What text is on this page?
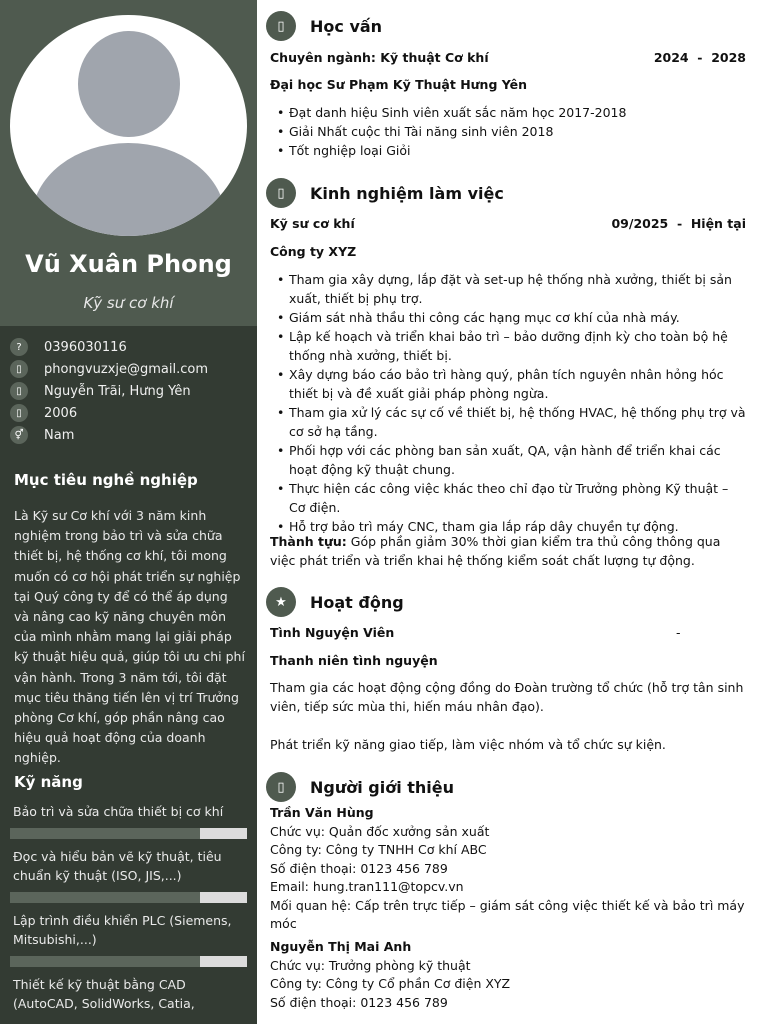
Vũ Xuân Phong
Kỹ sư cơ khí
?	0396030116
▯	phongvuzxje@gmail.com
▯	Nguyễn Trãi, Hưng Yên
▯	2006
⚥	Nam
Mục tiêu nghề nghiệp
Là Kỹ sư Cơ khí với 3 năm kinh nghiệm trong bảo trì và sửa chữa thiết bị, hệ thống cơ khí, tôi mong muốn có cơ hội phát triển sự nghiệp tại Quý công ty để có thể áp dụng và nâng cao kỹ năng chuyên môn của mình nhằm mang lại giải pháp kỹ thuật hiệu quả, giúp tôi ưu chi phí vận hành. Trong 3 năm tới, tôi đặt mục tiêu thăng tiến lên vị trí Trưởng phòng Cơ khí, góp phần nâng cao hiệu quả hoạt động của doanh nghiệp.
Kỹ năng
Bảo trì và sửa chữa thiết bị cơ khí
Đọc và hiểu bản vẽ kỹ thuật, tiêu chuẩn kỹ thuật (ISO, JIS,...)
Lập trình điều khiển PLC (Siemens, Mitsubishi,...)
Thiết kế kỹ thuật bằng CAD (AutoCAD, SolidWorks, Catia,
▯	Học vấn
Chuyên ngành: Kỹ thuật Cơ khí	2024  -  2028
Đại học Sư Phạm Kỹ Thuật Hưng Yên
• Đạt danh hiệu Sinh viên xuất sắc năm học 2017-2018
• Giải Nhất cuộc thi Tài năng sinh viên 2018
• Tốt nghiệp loại Giỏi
▯	Kinh nghiệm làm việc
Kỹ sư cơ khí	09/2025  -  Hiện tại
Công ty XYZ
• Tham gia xây dựng, lắp đặt và set-up hệ thống nhà xưởng, thiết bị sản xuất, thiết bị phụ trợ.
• Giám sát nhà thầu thi công các hạng mục cơ khí của nhà máy.
• Lập kế hoạch và triển khai bảo trì – bảo dưỡng định kỳ cho toàn bộ hệ thống nhà xưởng, thiết bị.
• Xây dựng báo cáo bảo trì hàng quý, phân tích nguyên nhân hỏng hóc thiết bị và đề xuất giải pháp phòng ngừa.
• Tham gia xử lý các sự cố về thiết bị, hệ thống HVAC, hệ thống phụ trợ và cơ sở hạ tầng.
• Phối hợp với các phòng ban sản xuất, QA, vận hành để triển khai các hoạt động kỹ thuật chung.
• Thực hiện các công việc khác theo chỉ đạo từ Trưởng phòng Kỹ thuật – Cơ điện.
• Hỗ trợ bảo trì máy CNC, tham gia lắp ráp dây chuyền tự động.
Thành tựu: Góp phần giảm 30% thời gian kiểm tra thủ công thông qua việc phát triển và triển khai hệ thống kiểm soát chất lượng tự động.
★	Hoạt động
Tình Nguyện Viên	-
Thanh niên tình nguyện
Tham gia các hoạt động cộng đồng do Đoàn trường tổ chức (hỗ trợ tân sinh viên, tiếp sức mùa thi, hiến máu nhân đạo).
Phát triển kỹ năng giao tiếp, làm việc nhóm và tổ chức sự kiện.
▯	Người giới thiệu
Trần Văn Hùng
Chức vụ: Quản đốc xưởng sản xuất
Công ty: Công ty TNHH Cơ khí ABC
Số điện thoại: 0123 456 789
Email: hung.tran111@topcv.vn
Mối quan hệ: Cấp trên trực tiếp – giám sát công việc thiết kế và bảo trì máy móc
Nguyễn Thị Mai Anh
Chức vụ: Trưởng phòng kỹ thuật
Công ty: Công ty Cổ phần Cơ điện XYZ
Số điện thoại: 0123 456 789
